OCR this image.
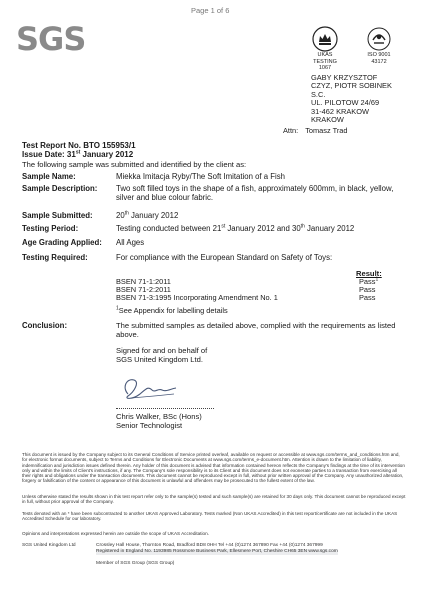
SGS
Page 1 of 6
UKAS
TESTING
1067
ISO 9001
43172
GABY KRZYSZTOF
CZYZ, PIOTR SOBINEK
S.C.
UL. PILOTOW 24/69
31-462 KRAKOW
KRAKOW
Attn: Tomasz Trad
Test Report No. BTO 155953/1
Issue Date: 31st January 2012
The following sample was submitted and identified by the client as:
Sample Name:	Miekka Imitacja Ryby/The Soft Imitation of a Fish
Sample Description: Two soft filled toys in the shape of a fish, approximately 600mm, in black, yellow, silver and blue colour fabric.
Sample Submitted:	20th January 2012
Testing Period:	Testing conducted between 21st January 2012 and 30th January 2012
Age Grading Applied: All Ages
Testing Required:	For compliance with the European Standard on Safety of Toys:
Result:
BSEN 71-1:2011	Pass$^1$
BSEN 71-2:2011	Pass
BSEN 71-3:1995 Incorporating Amendment No. 1	Pass
$^1$See Appendix for labelling details
Conclusion:	The submitted samples as detailed above, complied with the requirements as listed above.
Signed for and on behalf of
SGS United Kingdom Ltd.
Chris Walker, BSc (Hons)
Senior Technologist
This document is issued by the Company subject to its General Conditions of Service printed overleaf, available on request or accessible at www.sgs.com/terms_and_conditions.htm and, for electronic format documents, subject to Terms and Conditions for Electronic Documents at www.sgs.com/terms_e-document.htm. Attention is drawn to the limitation of liability, indemnification and jurisdiction issues defined therein. Any holder of this document is advised that information contained hereon reflects the Company's findings at the time of its intervention only and within the limits of Client's instructions, if any. The Company's sole responsibility is to its Client and this document does not exonerate parties to a transaction from exercising all their rights and obligations under the transaction documents. This document cannot be reproduced except in full, without prior written approval of the Company. Any unauthorized alteration, forgery or falsification of the content or appearance of this document is unlawful and offenders may be prosecuted to the fullest extent of the law.
Unless otherwise stated the results shown in this test report refer only to the sample(s) tested and such sample(s) are retained for 30 days only. This document cannot be reproduced except in full, without prior approval of the Company.
Tests denoted with an * have been subcontracted to another UKAS Approved Laboratory. Tests marked (Non UKAS Accredited) in this test report/certificate are not included in the UKAS Accredited Schedule for our laboratory.
Opinions and interpretations expressed herein are outside the scope of UKAS Accreditation.
SGS United Kingdom Ltd	Crossley Hall House, Thornton Road, Bradford BD8 0HH Tel +44 (0)1274 367890 Fax +44 (0)1274 367999
Registered in England No. 1193985 Rossmore Business Park, Ellesmere Port, Cheshire CH65 3EN www.sgs.com
Member of SGS Group (SGS Group)
